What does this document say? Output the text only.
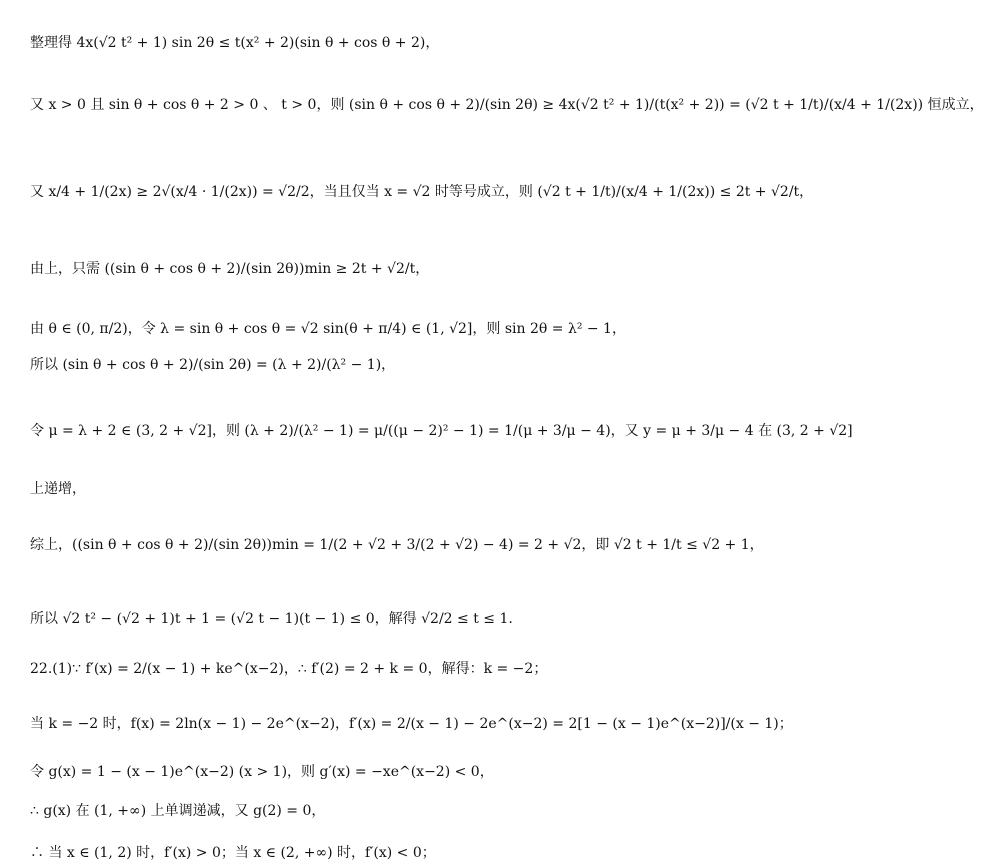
整理得 4x(√2 t² + 1) sin 2θ ≤ t(x² + 2)(sin θ + cos θ + 2)，
又 x > 0 且 sin θ + cos θ + 2 > 0 、 t > 0，则 (sin θ + cos θ + 2)/(sin 2θ) ≥ 4x(√2 t² + 1)/(t(x² + 2)) = (√2 t + 1/t)/(x/4 + 1/(2x)) 恒成立，
又 x/4 + 1/(2x) ≥ 2√(x/4 · 1/(2x)) = √2/2，当且仅当 x = √2 时等号成立，则 (√2 t + 1/t)/(x/4 + 1/(2x)) ≤ 2t + √2/t，
由上，只需 ((sin θ + cos θ + 2)/(sin 2θ))min ≥ 2t + √2/t，
由 θ ∈ (0, π/2)，令 λ = sin θ + cos θ = √2 sin(θ + π/4) ∈ (1, √2]，则 sin 2θ = λ² − 1，
所以 (sin θ + cos θ + 2)/(sin 2θ) = (λ + 2)/(λ² − 1)，
令 μ = λ + 2 ∈ (3, 2 + √2]，则 (λ + 2)/(λ² − 1) = μ/((μ − 2)² − 1) = 1/(μ + 3/μ − 4)，又 y = μ + 3/μ − 4 在 (3, 2 + √2]
上递增，
综上，((sin θ + cos θ + 2)/(sin 2θ))min = 1/(2 + √2 + 3/(2 + √2) − 4) = 2 + √2，即 √2 t + 1/t ≤ √2 + 1，
所以 √2 t² − (√2 + 1)t + 1 = (√2 t − 1)(t − 1) ≤ 0，解得 √2/2 ≤ t ≤ 1.
22.(1)∵ f′(x) = 2/(x − 1) + ke^(x−2)，∴ f′(2) = 2 + k = 0，解得：k = −2；
当 k = −2 时，f(x) = 2ln(x − 1) − 2e^(x−2)，f′(x) = 2/(x − 1) − 2e^(x−2) = 2[1 − (x − 1)e^(x−2)]/(x − 1)；
令 g(x) = 1 − (x − 1)e^(x−2) (x > 1)，则 g′(x) = −xe^(x−2) < 0，
∴ g(x) 在 (1, +∞) 上单调递减，又 g(2) = 0，
∴ 当 x ∈ (1, 2) 时，f′(x) > 0；当 x ∈ (2, +∞) 时，f′(x) < 0；
